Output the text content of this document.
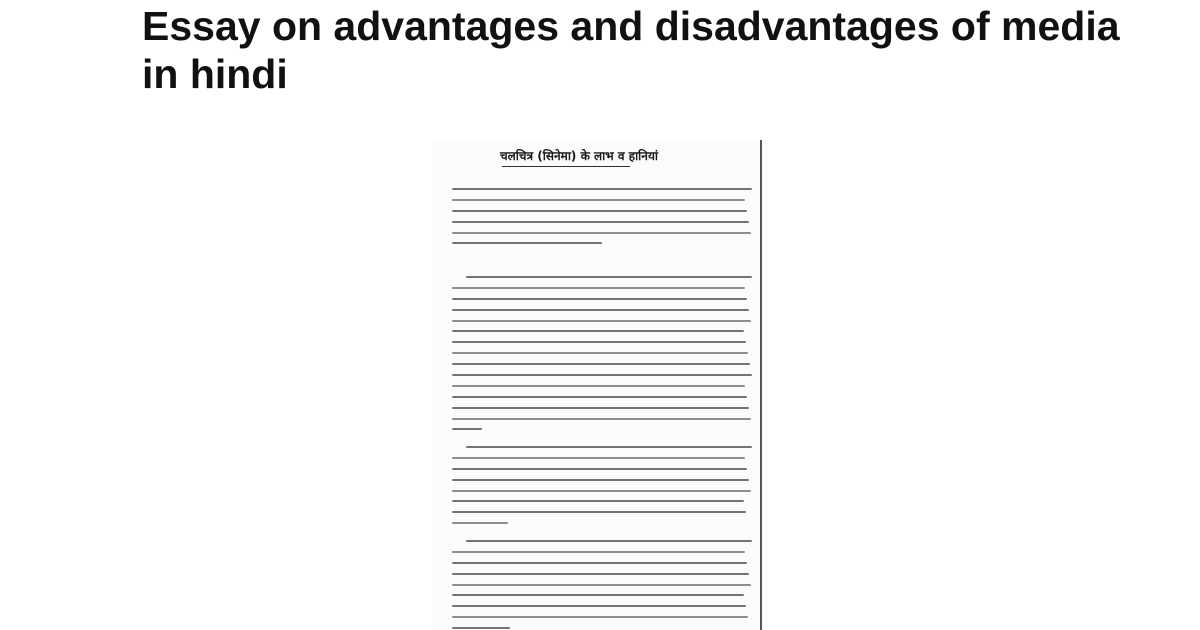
Essay on advantages and disadvantages of media in hindi
चलचित्र (सिनेमा) के लाभ व हानियां
